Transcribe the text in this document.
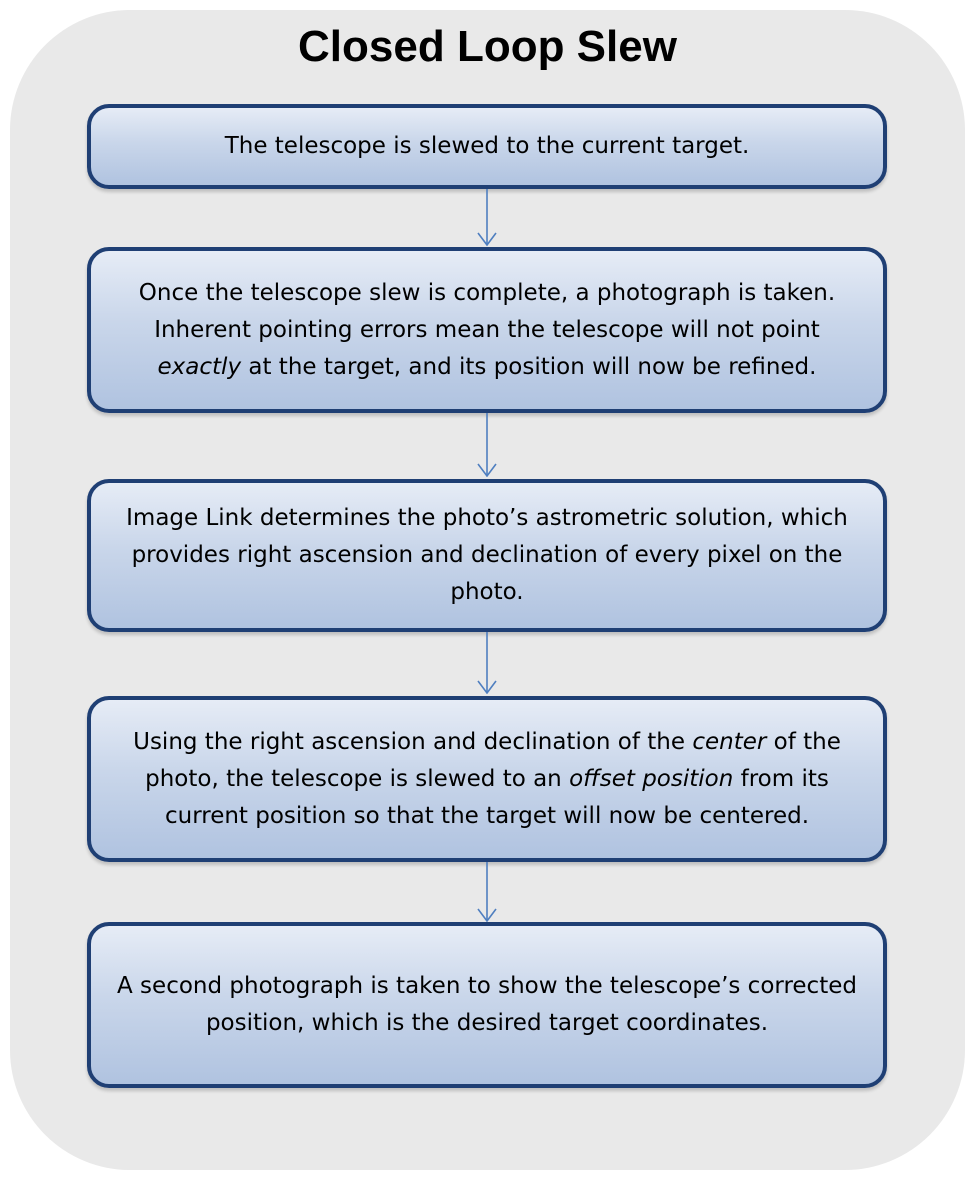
Closed Loop Slew
The telescope is slewed to the current target.
Once the telescope slew is complete, a photograph is taken. Inherent pointing errors mean the telescope will not point exactly at the target, and its position will now be refined.
Image Link determines the photo’s astrometric solution, which provides right ascension and declination of every pixel on the photo.
Using the right ascension and declination of the center of the photo, the telescope is slewed to an offset position from its current position so that the target will now be centered.
A second photograph is taken to show the telescope’s corrected position, which is the desired target coordinates.
